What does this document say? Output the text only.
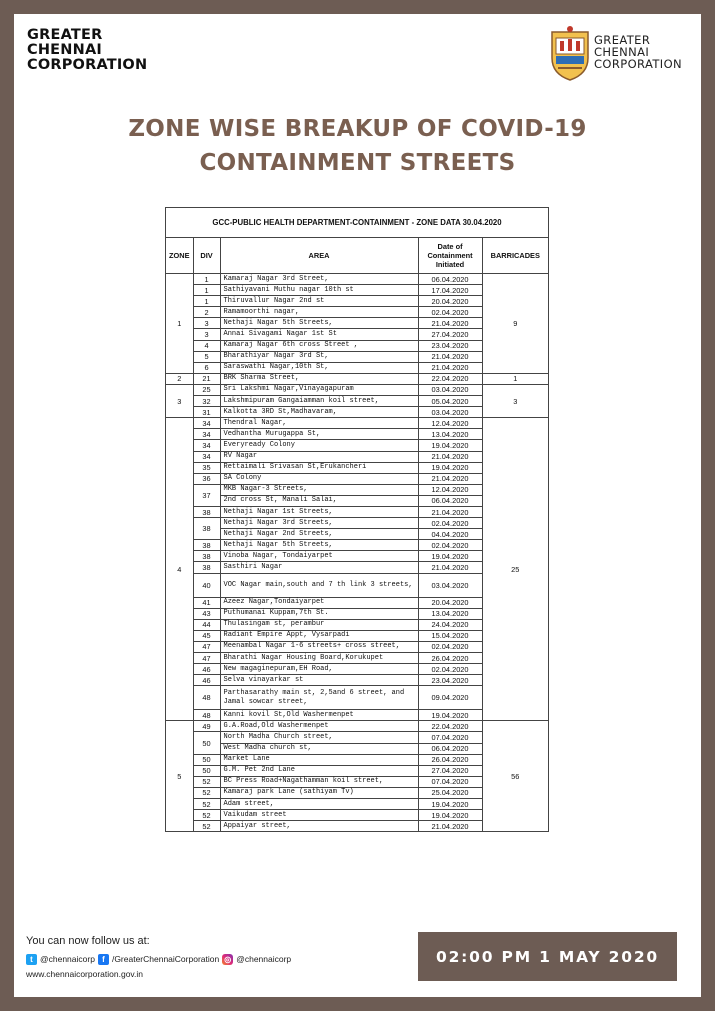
GREATER
CHENNAI
CORPORATION
GREATER
CHENNAI
CORPORATION
ZONE WISE BREAKUP OF COVID-19
CONTAINMENT STREETS
GCC-PUBLIC HEALTH DEPARTMENT-CONTAINMENT - ZONE DATA 30.04.2020				
ZONE	DIV	AREA	Date of Containment Initiated	BARRICADES
1	1	Kamaraj Nagar 3rd Street,	06.04.2020	9
	1	Sathiyavani Muthu nagar 10th st	17.04.2020	
	1	Thiruvallur Nagar 2nd st	20.04.2020	
	2	Ramamoorthi nagar,	02.04.2020	
	3	Nethaji Nagar 5th Streets,	21.04.2020	
	3	Annai Sivagami Nagar 1st St	27.04.2020	
	4	Kamaraj Nagar 6th cross Street ,	23.04.2020	
	5	Bharathiyar Nagar 3rd St,	21.04.2020	
	6	Saraswathi Nagar,10th St,	21.04.2020	
2	21	BRK Sharma Street,	22.04.2020	1
3	25	Sri Lakshmi Nagar,Vinayagapuram	03.04.2020	3
	32	Lakshmipuram Gangaiamman koil street,	05.04.2020	
	31	Kalkotta 3RD St,Madhavaram,	03.04.2020	
4	34	Thendral Nagar,	12.04.2020	25
	34	Vedhantha Murugappa St,	13.04.2020	
	34	Everyready Colony	19.04.2020	
	34	RV Nagar	21.04.2020	
	35	Rettaimali Srivasan St,Erukancheri	19.04.2020	
	36	SA Colony	21.04.2020	
	37	MKB Nagar-3 Streets,	12.04.2020	
		2nd cross St, Manali Salai,	06.04.2020	
	38	Nethaji Nagar 1st Streets,	21.04.2020	
	38	Nethaji Nagar 3rd Streets,	02.04.2020	
		Nethaji Nagar 2nd Streets,	04.04.2020	
	38	Nethaji Nagar 5th Streets,	02.04.2020	
	38	Vinoba Nagar, Tondaiyarpet	19.04.2020	
	38	Sasthiri Nagar	21.04.2020	
	40	VOC Nagar main,south and 7 th link 3 streets,	03.04.2020	
	41	Azeez Nagar,Tondaiyarpet	20.04.2020	
	43	Puthumanai Kuppam,7th St.	13.04.2020	
	44	Thulasingam st, perambur	24.04.2020	
	45	Radiant Empire Appt, Vysarpadi	15.04.2020	
	47	Meenambal Nagar 1-6 streets+ cross street,	02.04.2020	
	47	Bharathi Nagar Housing Board,Korukupet	26.04.2020	
	46	New magaginepuram,EH Road,	02.04.2020	
	46	Selva vinayarkar st	23.04.2020	
	48	Parthasarathy main st, 2,5and 6 street, and Jamal sowcar street,	09.04.2020	
	48	Kanni kovil St,Old Washermenpet	19.04.2020	
5	49	G.A.Road,Old Washermenpet	22.04.2020	56
	50	North Madha Church street,	07.04.2020	
		West Madha church st,	06.04.2020	
	50	Market Lane	26.04.2020	
	50	G.M. Pet 2nd Lane	27.04.2020	
	52	BC Press Road+Nagathamman koil street,	07.04.2020	
	52	Kamaraj park Lane (sathiyam Tv)	25.04.2020	
	52	Adam street,	19.04.2020	
	52	Vaikudam street	19.04.2020	
	52	Appaiyar street,	21.04.2020	
You can now follow us at:
t @chennaicorp f /GreaterChennaiCorporation ◎ @chennaicorp
www.chennaicorporation.gov.in
02:00 PM 1 MAY 2020
